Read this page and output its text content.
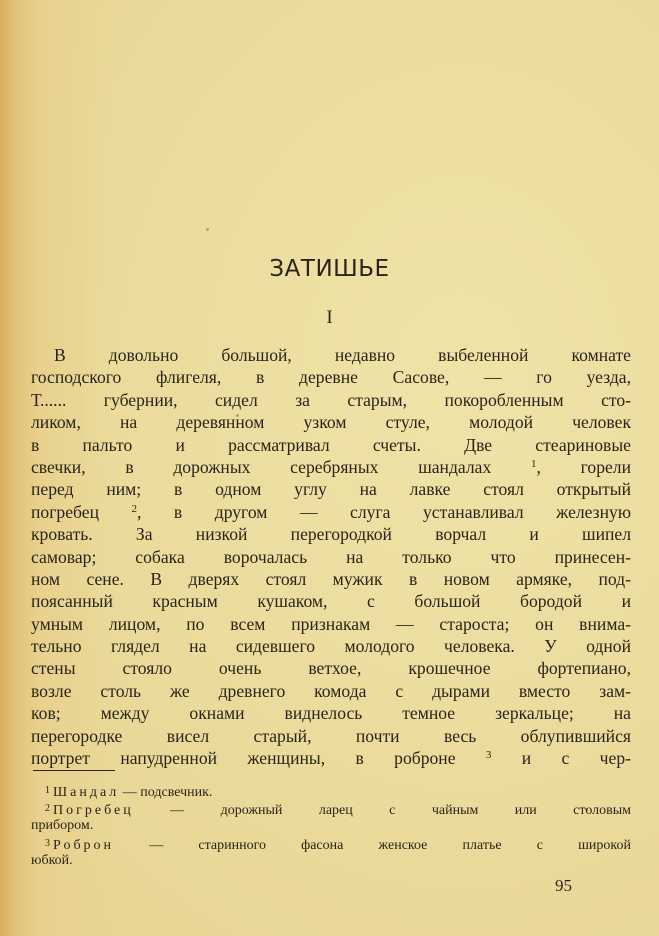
ЗАТИШЬЕ
I
В довольно большой, недавно выбеленной комнате
господского флигеля, в деревне Сасове, — го уезда,
Т...... губернии, сидел за старым, покоробленным сто-
ликом, на деревянном узком стуле, молодой человек
в пальто и рассматривал счеты. Две стеариновые
свечки, в дорожных серебряных шандалах $^1$, горели
перед ним; в одном углу на лавке стоял открытый
погребец $^2$, в другом — слуга устанавливал железную
кровать. За низкой перегородкой ворчал и шипел
самовар; собака ворочалась на только что принесен-
ном сене. В дверях стоял мужик в новом армяке, под-
поясанный красным кушаком, с большой бородой и
умным лицом, по всем признакам — староста; он внима-
тельно глядел на сидевшего молодого человека. У одной
стены стояло очень ветхое, крошечное фортепиано,
возле столь же древнего комода с дырами вместо зам-
ков; между окнами виднелось темное зеркальце; на
перегородке висел старый, почти весь облупившийся
портрет напудренной женщины, в роброне $^3$ и с чер-
$^1$ Шандал — подсвечник.
$^2$ Погребец — дорожный ларец с чайным или столовым
прибором.
$^3$ Роброн — старинного фасона женское платье с широкой
юбкой.
95
